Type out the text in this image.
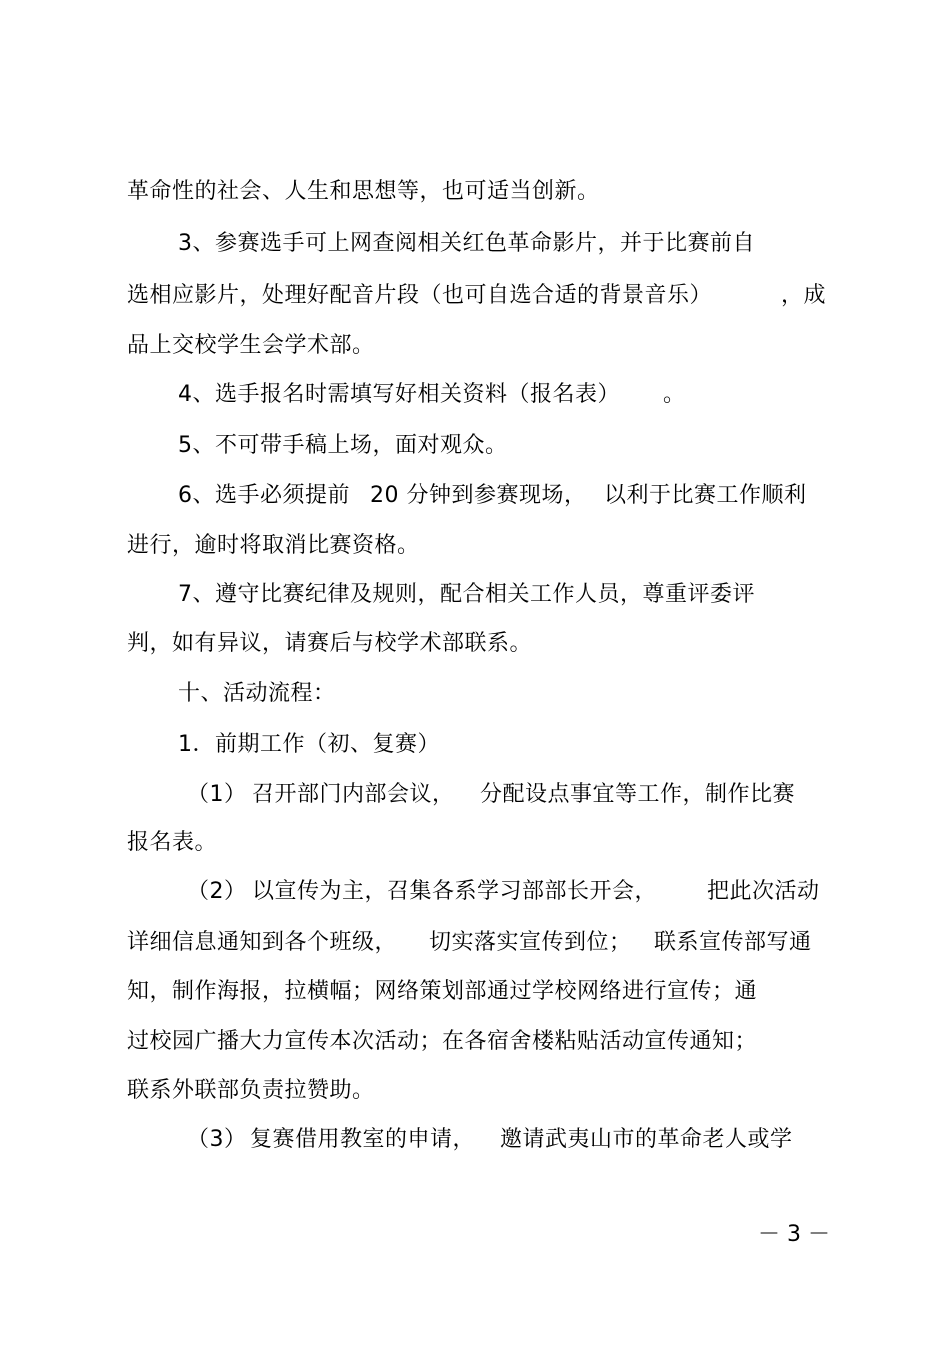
革命性的社会、人生和思想等，也可适当创新。
3、参赛选手可上网查阅相关红色革命影片，并于比赛前自
选相应影片，处理好配音片段（也可自选合适的背景音乐）	，成
品上交校学生会学术部。
4、选手报名时需填写好相关资料（报名表） 。
5、不可带手稿上场，面对观众。
6、选手必须提前 20 分钟到参赛现场， 以利于比赛工作顺利
进行，逾时将取消比赛资格。
7、遵守比赛纪律及规则，配合相关工作人员，尊重评委评
判，如有异议，请赛后与校学术部联系。
十、活动流程：
1．前期工作（初、复赛）
（1） 召开部门内部会议， 分配设点事宜等工作，制作比赛
报名表。
（2） 以宣传为主，召集各系学习部部长开会， 把此次活动
详细信息通知到各个班级， 切实落实宣传到位； 联系宣传部写通
知，制作海报，拉横幅；网络策划部通过学校网络进行宣传；通
过校园广播大力宣传本次活动；在各宿舍楼粘贴活动宣传通知；
联系外联部负责拉赞助。
（3） 复赛借用教室的申请， 邀请武夷山市的革命老人或学
－ 3 －
